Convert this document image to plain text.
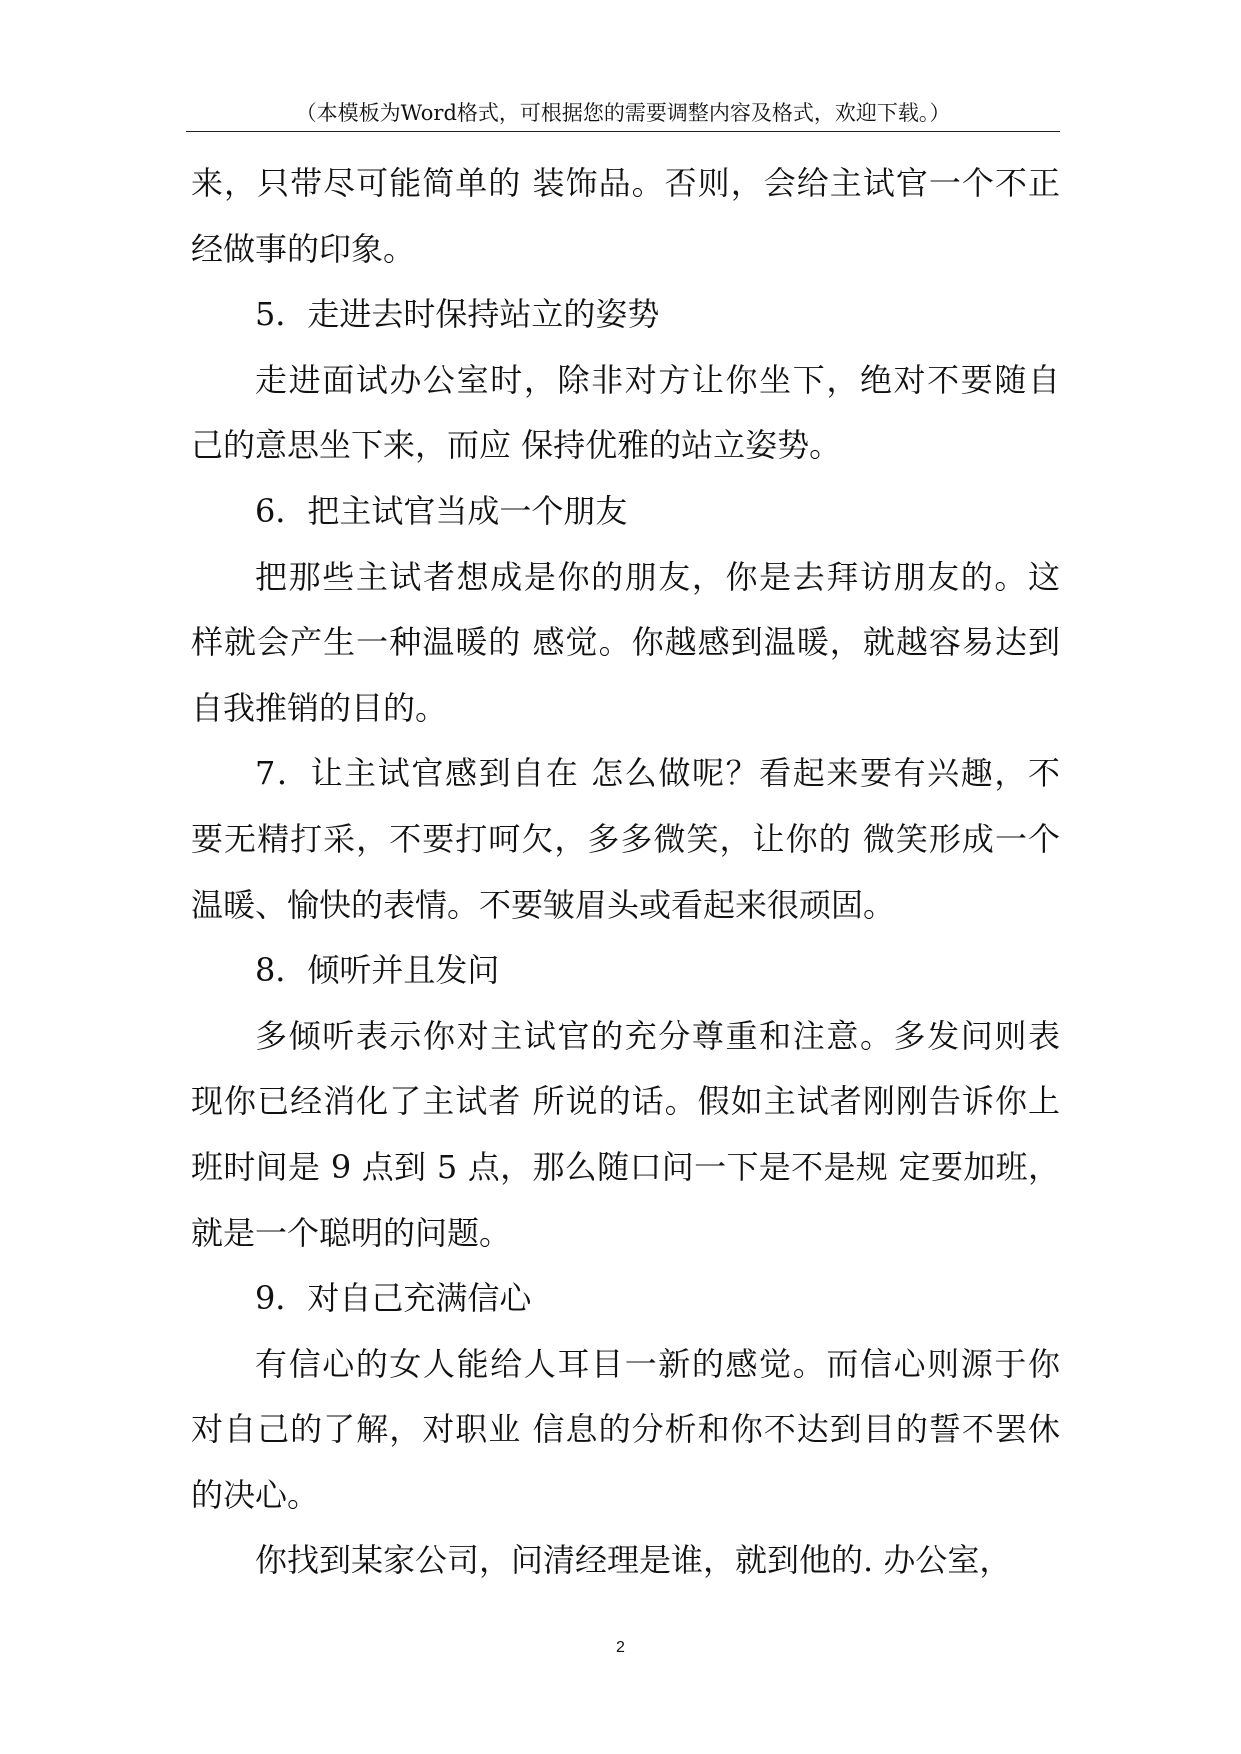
（本模板为Word格式，可根据您的需要调整内容及格式，欢迎下载。）
来，只带尽可能简单的 装饰品。否则，会给主试官一个不正
经做事的印象。
5．走进去时保持站立的姿势
走进面试办公室时，除非对方让你坐下，绝对不要随自
己的意思坐下来，而应 保持优雅的站立姿势。
6．把主试官当成一个朋友
把那些主试者想成是你的朋友，你是去拜访朋友的。这
样就会产生一种温暖的 感觉。你越感到温暖，就越容易达到
自我推销的目的。
7．让主试官感到自在 怎么做呢？看起来要有兴趣，不
要无精打采，不要打呵欠，多多微笑，让你的 微笑形成一个
温暖、愉快的表情。不要皱眉头或看起来很顽固。
8．倾听并且发问
多倾听表示你对主试官的充分尊重和注意。多发问则表
现你已经消化了主试者 所说的话。假如主试者刚刚告诉你上
班时间是 9 点到 5 点，那么随口问一下是不是规 定要加班，
就是一个聪明的问题。
9．对自己充满信心
有信心的女人能给人耳目一新的感觉。而信心则源于你
对自己的了解，对职业 信息的分析和你不达到目的誓不罢休
的决心。
你找到某家公司，问清经理是谁，就到他的. 办公室，
2
